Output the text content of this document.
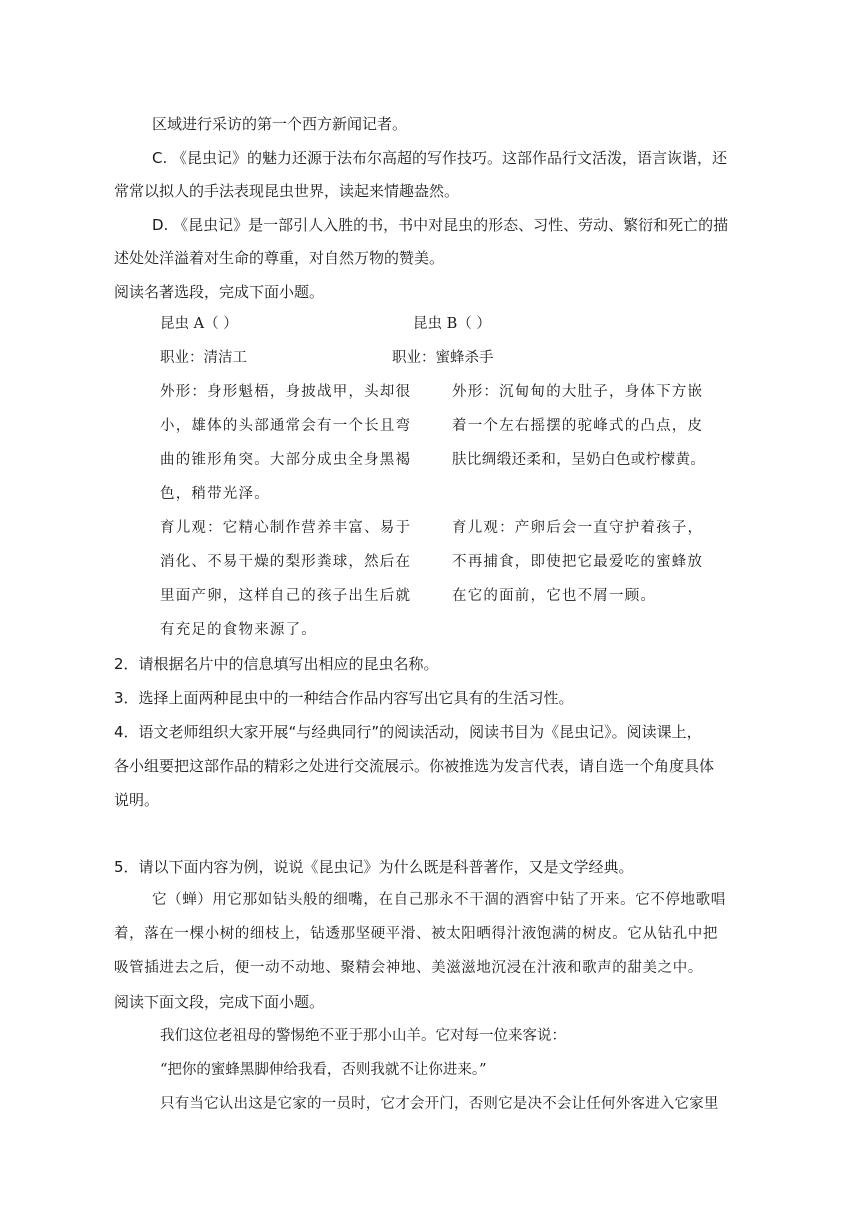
区域进行采访的第一个西方新闻记者。
C. 《昆虫记》的魅力还源于法布尔高超的写作技巧。这部作品行文活泼，语言诙谐，还
常常以拟人的手法表现昆虫世界，读起来情趣盎然。
D. 《昆虫记》是一部引人入胜的书，书中对昆虫的形态、习性、劳动、繁衍和死亡的描
述处处洋溢着对生命的尊重，对自然万物的赞美。
阅读名著选段，完成下面小题。
昆虫 A（ ）
职业：清洁工
外形：身形魁梧，身披战甲，头却很
小，雄体的头部通常会有一个长且弯
曲的锥形角突。大部分成虫全身黑褐
色，稍带光泽。
育儿观：它精心制作营养丰富、易于
消化、不易干燥的梨形粪球，然后在
里面产卵，这样自己的孩子出生后就
有充足的食物来源了。
昆虫 B（ ）
职业：蜜蜂杀手
外形：沉甸甸的大肚子，身体下方嵌
着一个左右摇摆的驼峰式的凸点，皮
肤比绸缎还柔和，呈奶白色或柠檬黄。
育儿观：产卵后会一直守护着孩子，
不再捕食，即使把它最爱吃的蜜蜂放
在它的面前，它也不屑一顾。
2．请根据名片中的信息填写出相应的昆虫名称。
3．选择上面两种昆虫中的一种结合作品内容写出它具有的生活习性。
4．语文老师组织大家开展“与经典同行”的阅读活动，阅读书目为《昆虫记》。阅读课上，
各小组要把这部作品的精彩之处进行交流展示。你被推选为发言代表，请自选一个角度具体
说明。
5．请以下面内容为例，说说《昆虫记》为什么既是科普著作，又是文学经典。
它（蝉）用它那如钻头般的细嘴，在自己那永不干涸的酒窖中钻了开来。它不停地歌唱
着，落在一棵小树的细枝上，钻透那坚硬平滑、被太阳晒得汁液饱满的树皮。它从钻孔中把
吸管插进去之后，便一动不动地、聚精会神地、美滋滋地沉浸在汁液和歌声的甜美之中。
阅读下面文段，完成下面小题。
我们这位老祖母的警惕绝不亚于那小山羊。它对每一位来客说：
“把你的蜜蜂黑脚伸给我看，否则我就不让你进来。”
只有当它认出这是它家的一员时，它才会开门，否则它是决不会让任何外客进入它家里
